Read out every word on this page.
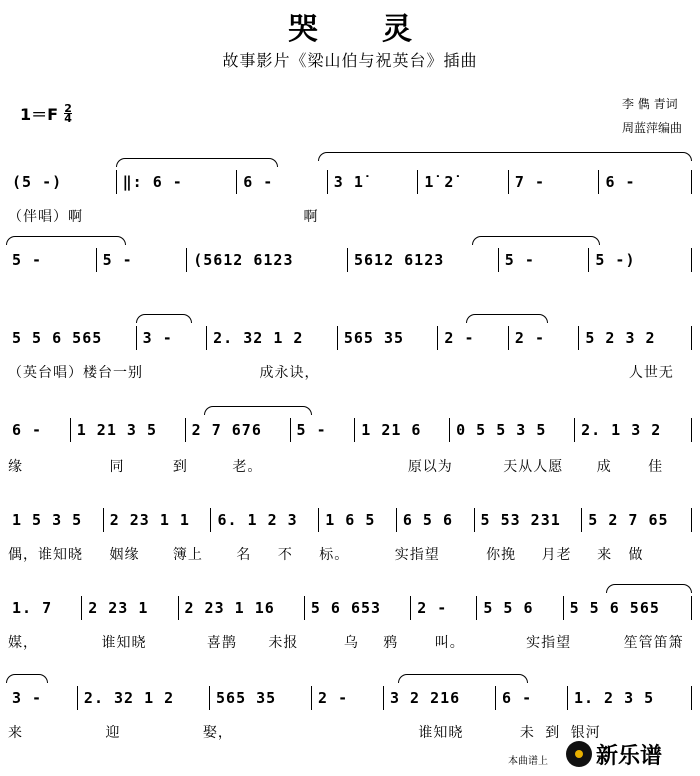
哭灵
故事影片《梁山伯与祝英台》插曲
$1=F \frac{2}{4}$	李 儁 青词
周蓝萍编曲
(5 -)	‖: 6 -	6 -	3 1̇	1̇ 2̇	7 -	6 -
（伴唱）啊	啊
5 -	5 -	(5612 6123	5612 6123	5 -	5 -)
5 5 6 565	3 -	2. 32 1 2	565 35	2 -	2 -	5 2 3 2
（英台唱）楼台一别	成永诀，	人世无
6 -	1 21 3 5	2 7 676	5 -	1 21 6	0 5 5 3 5	2. 1 3 2
缘	同	到	老。	原以为	天从人愿 成	佳
1 5 3 5	2 23 1 1	6. 1 2 3	1 6 5	6 5 6	5 53 231	5 2 7 65
偶，谁知晓 姻缘 簿上 名 不 标。	实指望	你挽 月老 来 做
1. 7	2 23 1	2 23 1 16	5 6 653	2 -	5 5 6	5 5 6 565
媒，	谁知晓	喜鹊 未报	乌 鸦	叫。	实指望	笙管笛箫
3 -	2. 32 1 2	565 35	2 -	3 2 216	6 -	1. 2 3 5
来	迎	娶，	谁知晓	未 到 银河
本曲谱上 新乐谱
